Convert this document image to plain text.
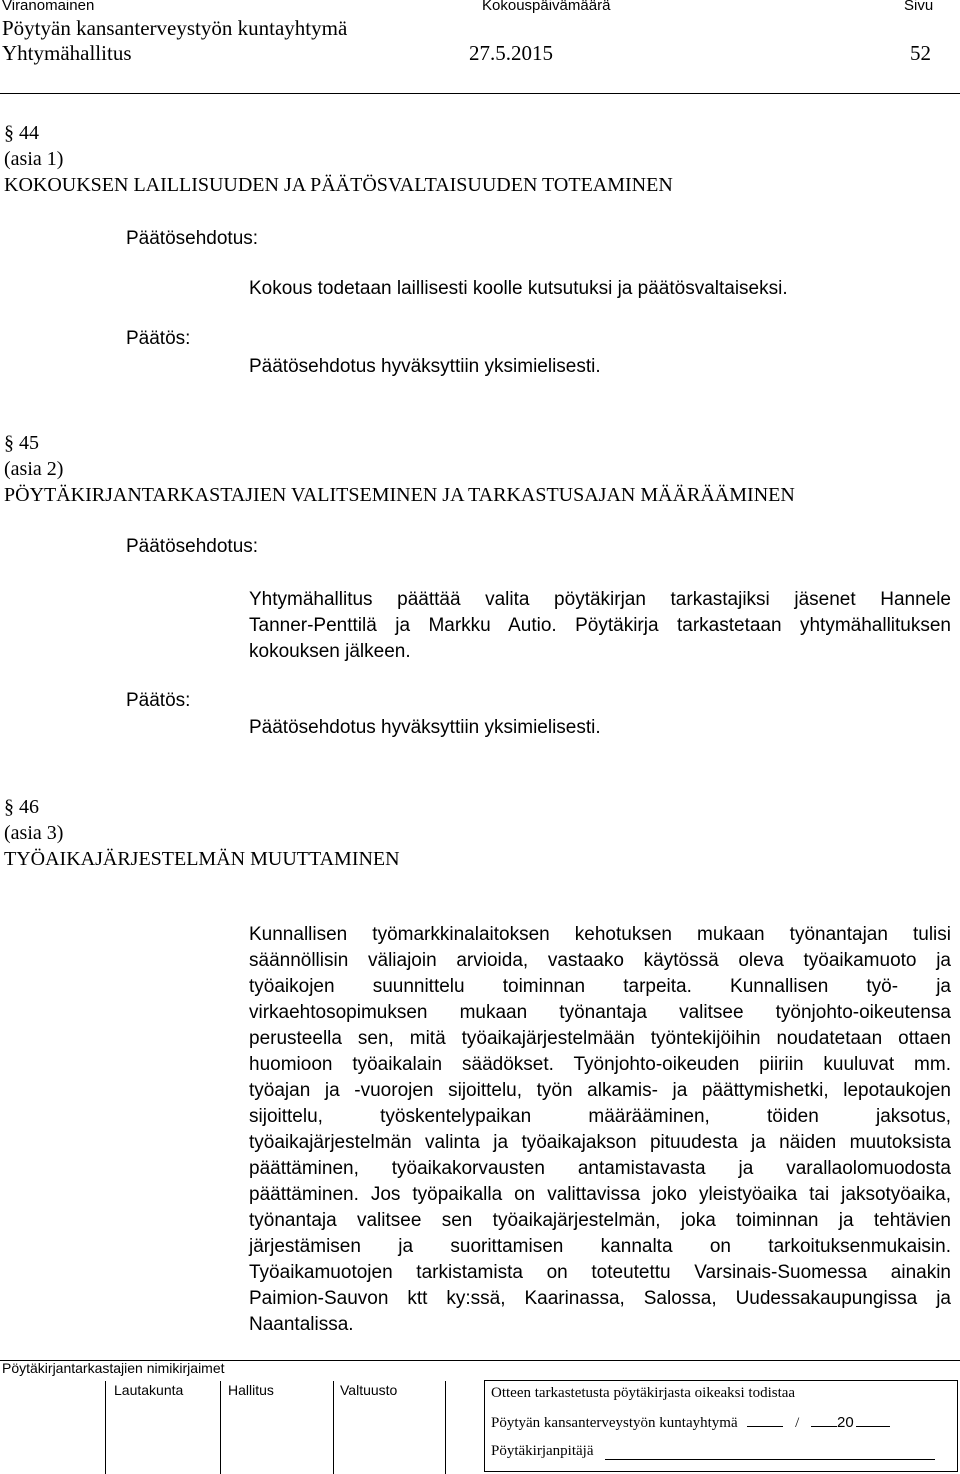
Viranomainen	Kokouspäivämäärä	Sivu
Pöytyän kansanterveystyön kuntayhtymä
Yhtymähallitus	27.5.2015	52
§ 44
(asia 1)
KOKOUKSEN LAILLISUUDEN JA PÄÄTÖSVALTAISUUDEN TOTEAMINEN
Päätösehdotus:
Kokous todetaan laillisesti koolle kutsutuksi ja päätösvaltaiseksi.
Päätös:
Päätösehdotus hyväksyttiin yksimielisesti.
§ 45
(asia 2)
PÖYTÄKIRJANTARKASTAJIEN VALITSEMINEN JA TARKASTUSAJAN MÄÄRÄÄMINEN
Päätösehdotus:

Yhtymähallitus päättää valita pöytäkirjan tarkastajiksi jäsenet Hannele

Tanner-Penttilä ja Markku Autio. Pöytäkirja tarkastetaan yhtymähallituksen

kokouksen jälkeen.

Päätös:
Päätösehdotus hyväksyttiin yksimielisesti.
§ 46
(asia 3)
TYÖAIKAJÄRJESTELMÄN MUUTTAMINEN

Kunnallisen työmarkkinalaitoksen kehotuksen mukaan työnantajan tulisi

säännöllisin väliajoin arvioida, vastaako käytössä oleva työaikamuoto ja

työaikojen suunnittelu toiminnan tarpeita. Kunnallisen työ- ja

virkaehtosopimuksen mukaan työnantaja valitsee työnjohto-oikeutensa

perusteella sen, mitä työaikajärjestelmään työntekijöihin noudatetaan ottaen

huomioon työaikalain säädökset. Työnjohto-oikeuden piiriin kuuluvat mm.

työajan ja -vuorojen sijoittelu, työn alkamis- ja päättymishetki, lepotaukojen

sijoittelu, työskentelypaikan määrääminen, töiden jaksotus,

työaikajärjestelmän valinta ja työaikajakson pituudesta ja näiden muutoksista

päättäminen, työaikakorvausten antamistavasta ja varallaolomuodosta

päättäminen. Jos työpaikalla on valittavissa joko yleistyöaika tai jaksotyöaika,

työnantaja valitsee sen työaikajärjestelmän, joka toiminnan ja tehtävien

järjestämisen ja suorittamisen kannalta on tarkoituksenmukaisin.

Työaikamuotojen tarkistamista on toteutettu Varsinais-Suomessa ainakin

Paimion-Sauvon ktt ky:ssä, Kaarinassa, Salossa, Uudessakaupungissa ja

Naantalissa.

Pöytäkirjantarkastajien nimikirjaimet
Lautakunta	Hallitus	Valtuusto	Otteen tarkastetusta pöytäkirjasta oikeaksi todistaa
Pöytyän kansanterveystyön kuntayhtymä	/	20
Pöytäkirjanpitäjä
